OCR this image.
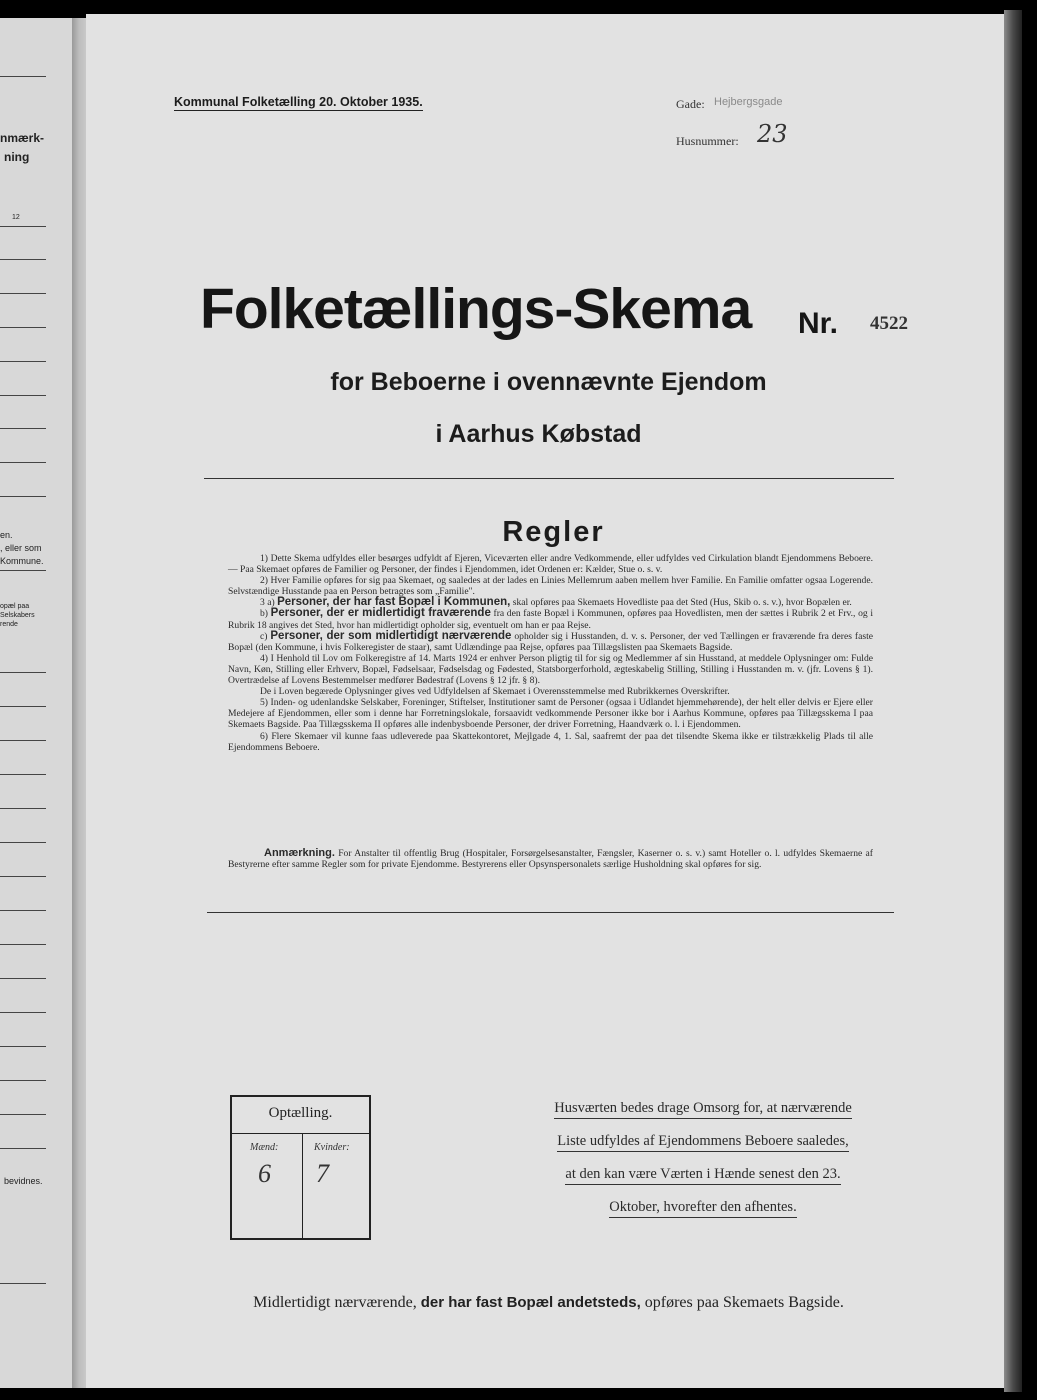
nmærk-
ning
12
en.
, eller som
Kommune.
opæl paa
Selskabers
rende
bevidnes.
Kommunal Folketælling 20. Oktober 1935.	Gade: Hejbergsgade
Husnummer: 23
Folketællings-Skema Nr. 4522
for Beboerne i ovennævnte Ejendom
i Aarhus Købstad
Regler

1) Dette Skema udfyldes eller besørges udfyldt af Ejeren, Viceværten eller andre Vedkommende, eller udfyldes ved Cirkulation blandt Ejendommens Beboere. — Paa Skemaet opføres de Familier og Personer, der findes i Ejendommen, idet Ordenen er: Kælder, Stue o. s. v.

2) Hver Familie opføres for sig paa Skemaet, og saaledes at der lades en Linies Mellemrum aaben mellem hver Familie. En Familie omfatter ogsaa Logerende. Selvstændige Husstande paa en Person betragtes som „Familie".

3 a) Personer, der har fast Bopæl i Kommunen, skal opføres paa Skemaets Hovedliste paa det Sted (Hus, Skib o. s. v.), hvor Bopælen er.

b) Personer, der er midlertidigt fraværende fra den faste Bopæl i Kommunen, opføres paa Hovedlisten, men der sættes i Rubrik 2 et Frv., og i Rubrik 18 angives det Sted, hvor han midlertidigt opholder sig, eventuelt om han er paa Rejse.

c) Personer, der som midlertidigt nærværende opholder sig i Husstanden, d. v. s. Personer, der ved Tællingen er fraværende fra deres faste Bopæl (den Kommune, i hvis Folkeregister de staar), samt Udlændinge paa Rejse, opføres paa Tillægslisten paa Skemaets Bagside.

4) I Henhold til Lov om Folkeregistre af 14. Marts 1924 er enhver Person pligtig til for sig og Medlemmer af sin Husstand, at meddele Oplysninger om: Fulde Navn, Køn, Stilling eller Erhverv, Bopæl, Fødselsaar, Fødselsdag og Fødested, Statsborgerforhold, ægteskabelig Stilling, Stilling i Husstanden m. v. (jfr. Lovens § 1). Overtrædelse af Lovens Bestemmelser medfører Bødestraf (Lovens § 12 jfr. § 8).

De i Loven begærede Oplysninger gives ved Udfyldelsen af Skemaet i Overensstemmelse med Rubrikkernes Overskrifter.

5) Inden- og udenlandske Selskaber, Foreninger, Stiftelser, Institutioner samt de Personer (ogsaa i Udlandet hjemmehørende), der helt eller delvis er Ejere eller Medejere af Ejendommen, eller som i denne har Forretningslokale, forsaavidt vedkommende Personer ikke bor i Aarhus Kommune, opføres paa Tillægsskema I paa Skemaets Bagside. Paa Tillægsskema II opføres alle indenbysboende Personer, der driver Forretning, Haandværk o. l. i Ejendommen.

6) Flere Skemaer vil kunne faas udleverede paa Skattekontoret, Mejlgade 4, 1. Sal, saafremt der paa det tilsendte Skema ikke er tilstrækkelig Plads til alle Ejendommens Beboere.

Anmærkning. For Anstalter til offentlig Brug (Hospitaler, Forsørgelsesanstalter, Fængsler, Kaserner o. s. v.) samt Hoteller o. l. udfyldes Skemaerne af Bestyrerne efter samme Regler som for private Ejendomme. Bestyrerens eller Opsynspersonalets særlige Husholdning skal opføres for sig.
Optælling.
Mænd:	Kvinder:
6 7
Husværten bedes drage Omsorg for, at nærværende Liste udfyldes af Ejendommens Beboere saaledes, at den kan være Værten i Hænde senest den 23. Oktober, hvorefter den afhentes.
Midlertidigt nærværende, der har fast Bopæl andetsteds, opføres paa Skemaets Bagside.
